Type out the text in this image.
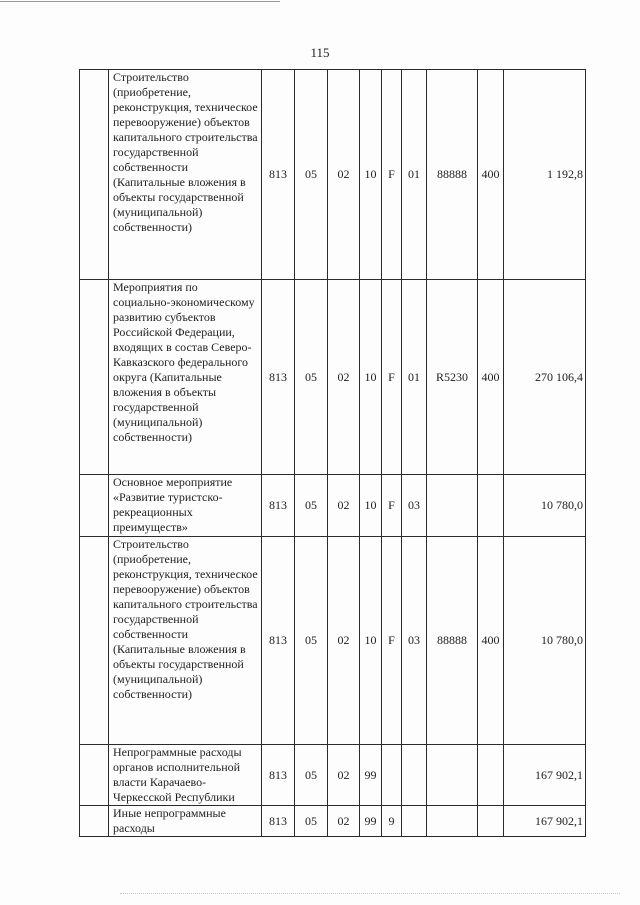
115
	Строительство (приобретение, реконструкция, техническое перевооружение) объектов капитального строительства государственной собственности (Капитальные вложения в объекты государственной (муниципальной) собственности)	813	05	02	10	F	01	88888	400	1 192,8
	Мероприятия по социально-экономическому развитию субъектов Российской Федерации, входящих в состав Северо-Кавказского федерального округа (Капитальные вложения в объекты государственной (муниципальной) собственности)	813	05	02	10	F	01	R5230	400	270 106,4
	Основное мероприятие «Развитие туристско-рекреационных преимуществ»	813	05	02	10	F	03			10 780,0
	Строительство (приобретение, реконструкция, техническое перевооружение) объектов капитального строительства государственной собственности (Капитальные вложения в объекты государственной (муниципальной) собственности)	813	05	02	10	F	03	88888	400	10 780,0
	Непрограммные расходы органов исполнительной власти Карачаево-Черкесской Республики	813	05	02	99					167 902,1
	Иные непрограммные расходы	813	05	02	99	9				167 902,1
